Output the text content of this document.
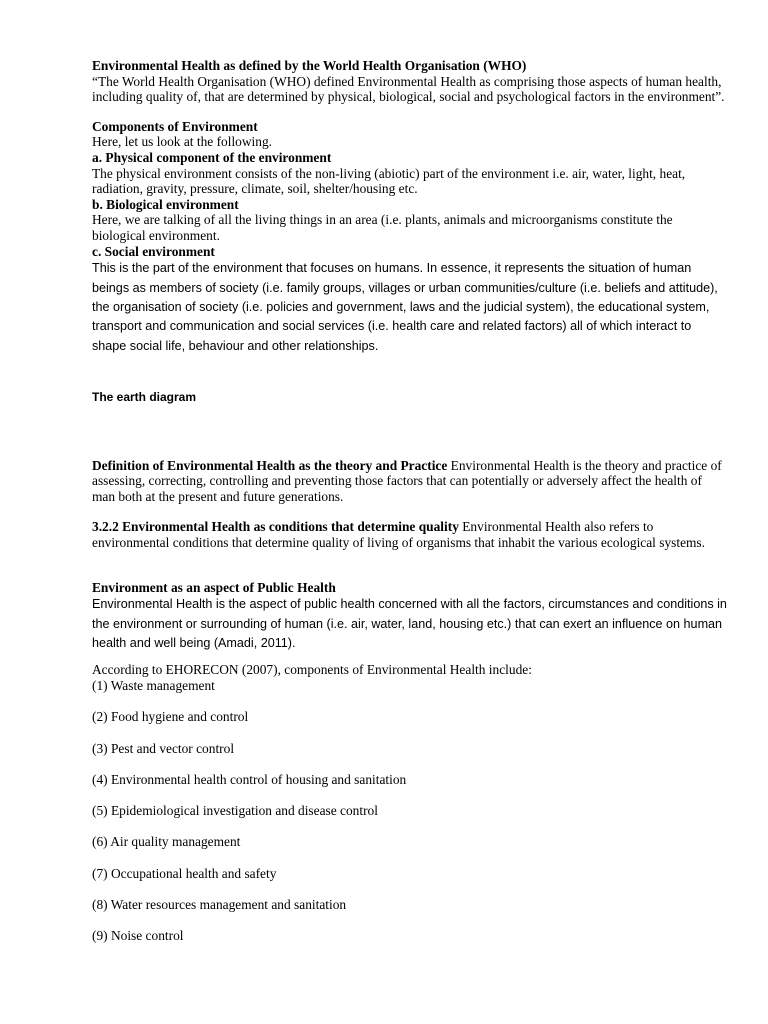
Environmental Health as defined by the World Health Organisation (WHO)

“The World Health Organisation (WHO) defined Environmental Health as comprising those aspects of human health, including quality of, that are determined by physical, biological, social and psychological factors in the environment”.

Components of Environment

Here, let us look at the following.

a. Physical component of the environment

The physical environment consists of the non-living (abiotic) part of the environment i.e. air, water, light, heat, radiation, gravity, pressure, climate, soil, shelter/housing etc.

b. Biological environment

Here, we are talking of all the living things in an area (i.e. plants, animals and microorganisms constitute the biological environment.

c. Social environment

This is the part of the environment that focuses on humans. In essence, it represents the situation of human beings as members of society (i.e. family groups, villages or urban communities/culture (i.e. beliefs and attitude), the organisation of society (i.e. policies and government, laws and the judicial system), the educational system, transport and communication and social services (i.e. health care and related factors) all of which interact to shape social life, behaviour and other relationships.

The earth diagram

Definition of Environmental Health as the theory and Practice Environmental Health is the theory and practice of assessing, correcting, controlling and preventing those factors that can potentially or adversely affect the health of man both at the present and future generations.

3.2.2 Environmental Health as conditions that determine quality Environmental Health also refers to environmental conditions that determine quality of living of organisms that inhabit the various ecological systems.

Environment as an aspect of Public Health

Environmental Health is the aspect of public health concerned with all the factors, circumstances and conditions in the environment or surrounding of human (i.e. air, water, land, housing etc.) that can exert an influence on human health and well being (Amadi, 2011).

According to EHORECON (2007), components of Environmental Health include:

(1) Waste management

(2) Food hygiene and control

(3) Pest and vector control

(4) Environmental health control of housing and sanitation

(5) Epidemiological investigation and disease control

(6) Air quality management

(7) Occupational health and safety

(8) Water resources management and sanitation

(9) Noise control
